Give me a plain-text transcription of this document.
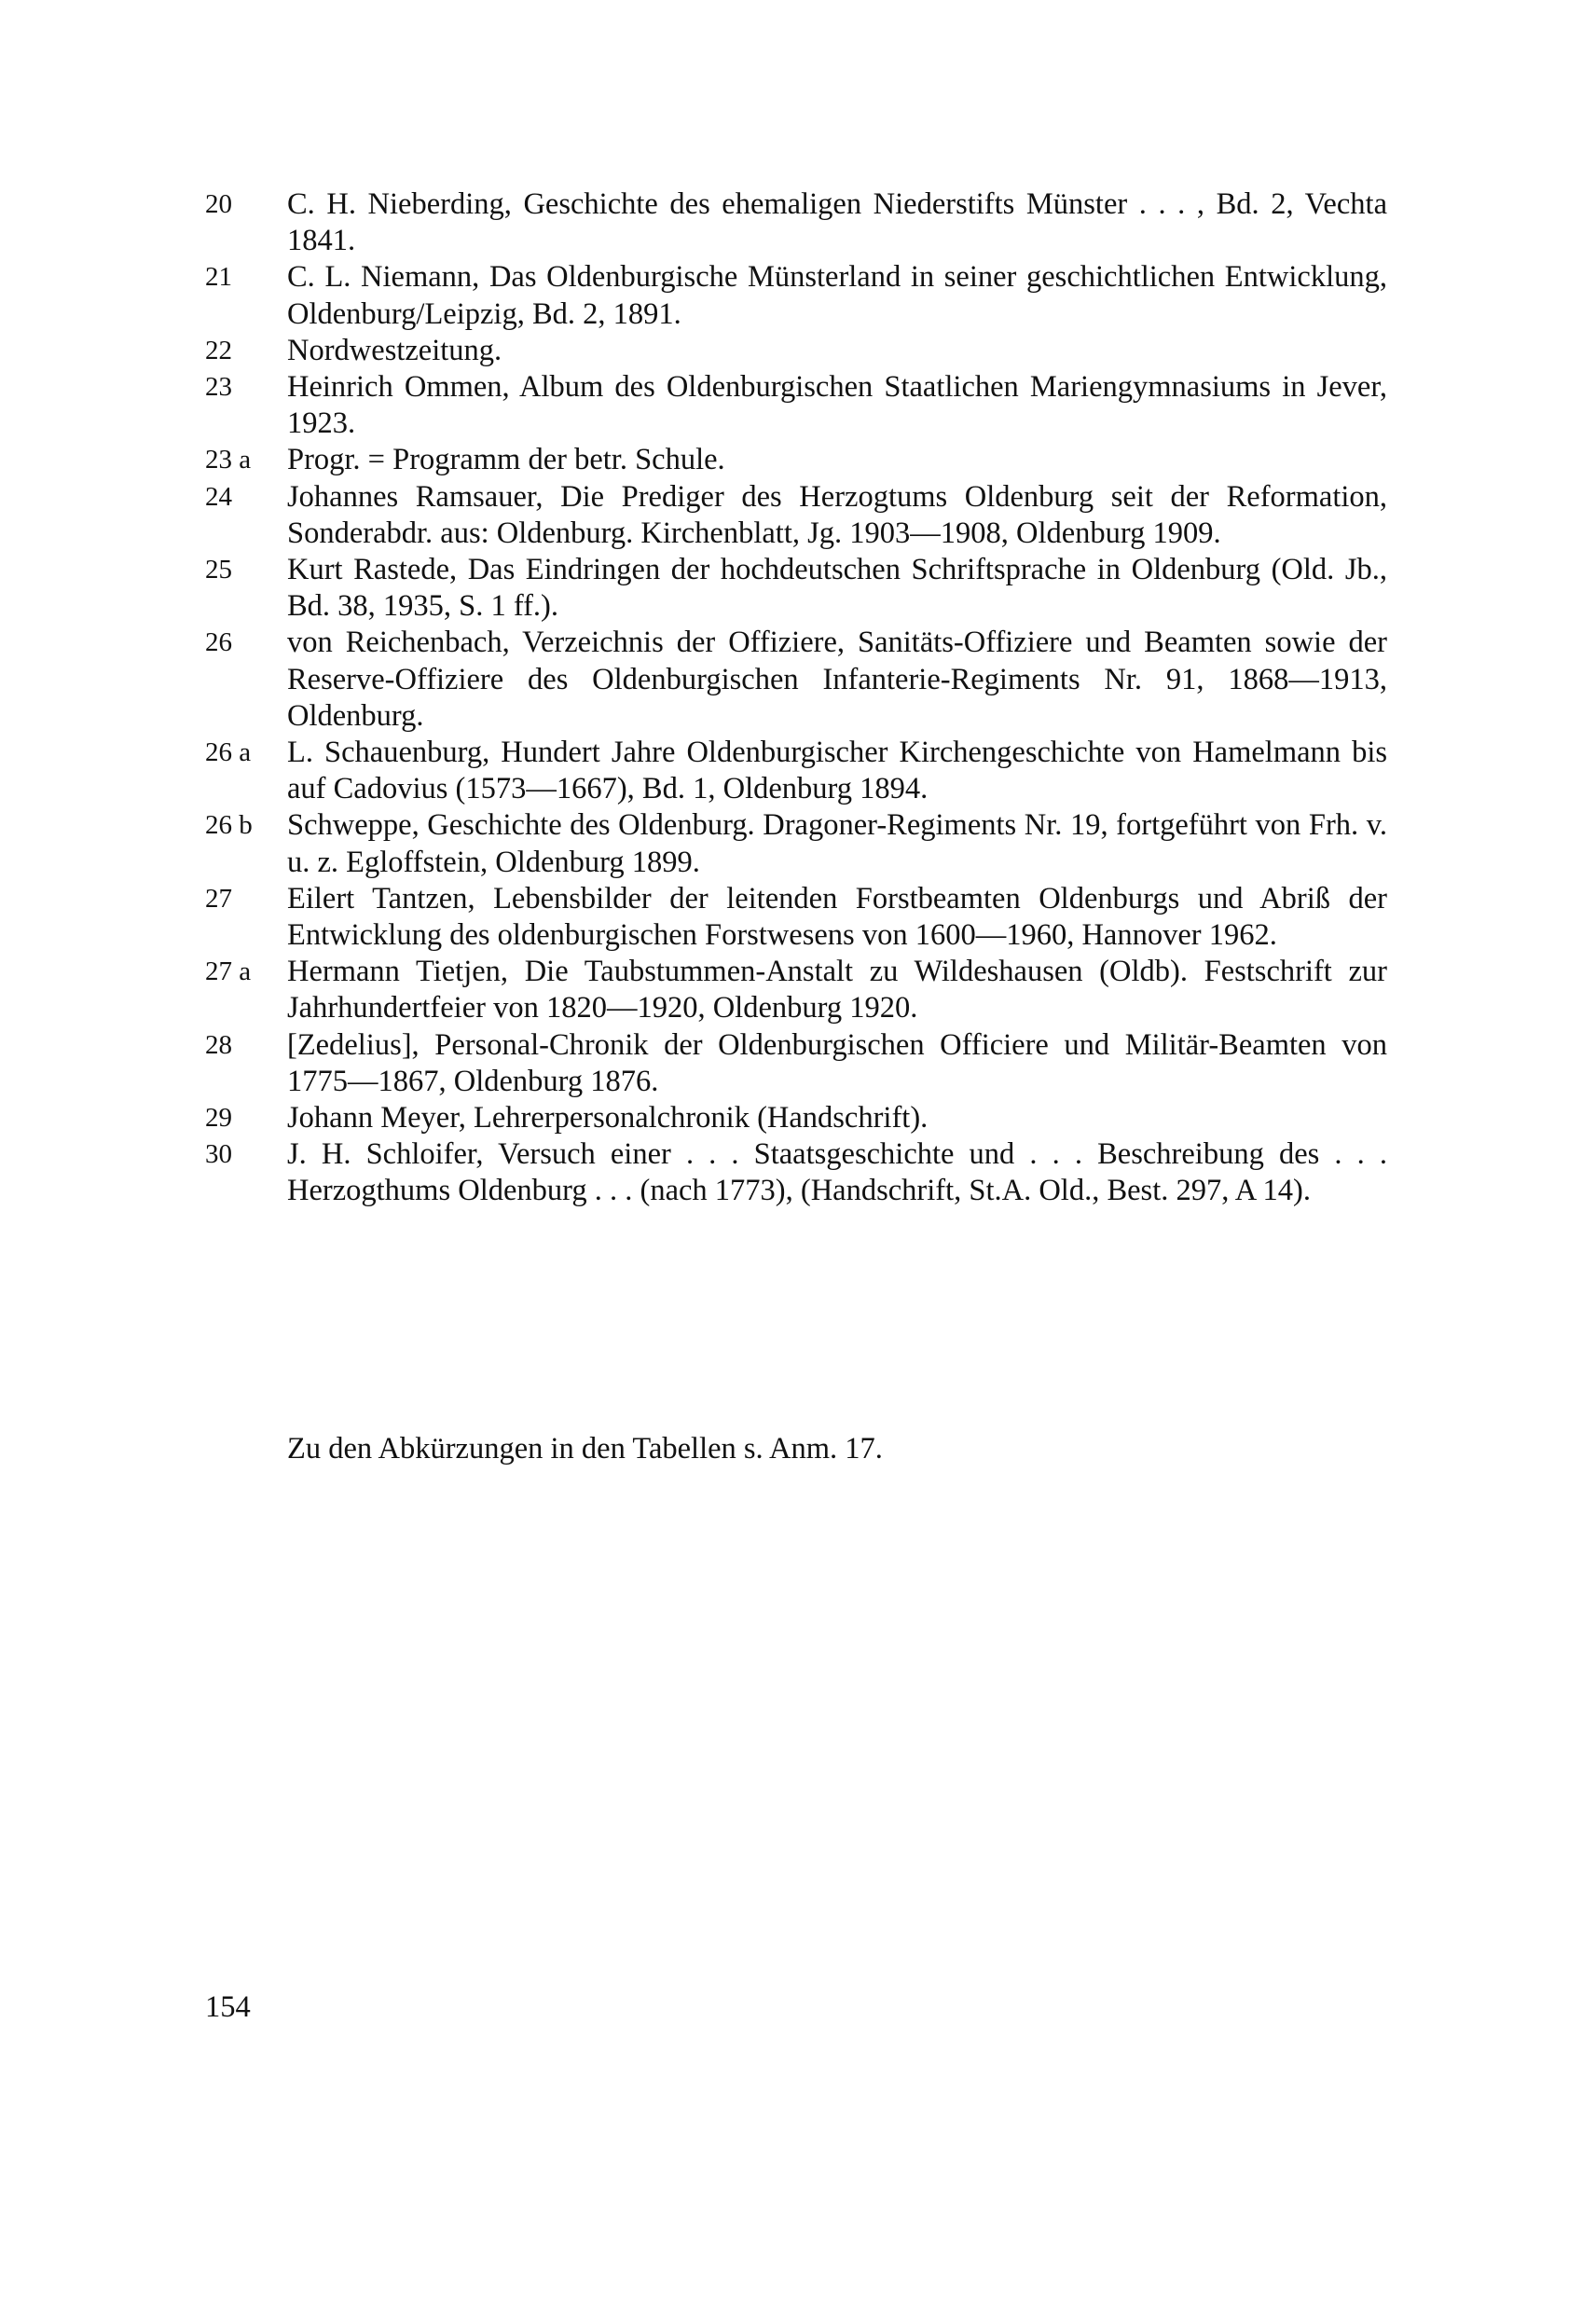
20	C. H. Nieberding, Geschichte des ehemaligen Niederstifts Münster . . . , Bd. 2, Vechta 1841.
21	C. L. Niemann, Das Oldenburgische Münsterland in seiner geschichtlichen Entwicklung, Oldenburg/Leipzig, Bd. 2, 1891.
22	Nordwestzeitung.
23	Heinrich Ommen, Album des Oldenburgischen Staatlichen Mariengymnasiums in Jever, 1923.
23 a	Progr. = Programm der betr. Schule.
24	Johannes Ramsauer, Die Prediger des Herzogtums Oldenburg seit der Reformation, Sonderabdr. aus: Oldenburg. Kirchenblatt, Jg. 1903—1908, Oldenburg 1909.
25	Kurt Rastede, Das Eindringen der hochdeutschen Schriftsprache in Oldenburg (Old. Jb., Bd. 38, 1935, S. 1 ff.).
26	von Reichenbach, Verzeichnis der Offiziere, Sanitäts-Offiziere und Beamten sowie der Reserve-Offiziere des Oldenburgischen Infanterie-Regiments Nr. 91, 1868—1913, Oldenburg.
26 a	L. Schauenburg, Hundert Jahre Oldenburgischer Kirchengeschichte von Hamelmann bis auf Cadovius (1573—1667), Bd. 1, Oldenburg 1894.
26 b	Schweppe, Geschichte des Oldenburg. Dragoner-Regiments Nr. 19, fortgeführt von Frh. v. u. z. Egloffstein, Oldenburg 1899.
27	Eilert Tantzen, Lebensbilder der leitenden Forstbeamten Oldenburgs und Abriß der Entwicklung des oldenburgischen Forstwesens von 1600—1960, Hannover 1962.
27 a	Hermann Tietjen, Die Taubstummen-Anstalt zu Wildeshausen (Oldb). Festschrift zur Jahrhundertfeier von 1820—1920, Oldenburg 1920.
28	[Zedelius], Personal-Chronik der Oldenburgischen Officiere und Militär-Beamten von 1775—1867, Oldenburg 1876.
29	Johann Meyer, Lehrerpersonalchronik (Handschrift).
30	J. H. Schloifer, Versuch einer . . . Staatsgeschichte und . . . Beschreibung des . . . Herzogthums Oldenburg . . . (nach 1773), (Handschrift, St.A. Old., Best. 297, A 14).

Zu den Abkürzungen in den Tabellen s. Anm. 17.

154
